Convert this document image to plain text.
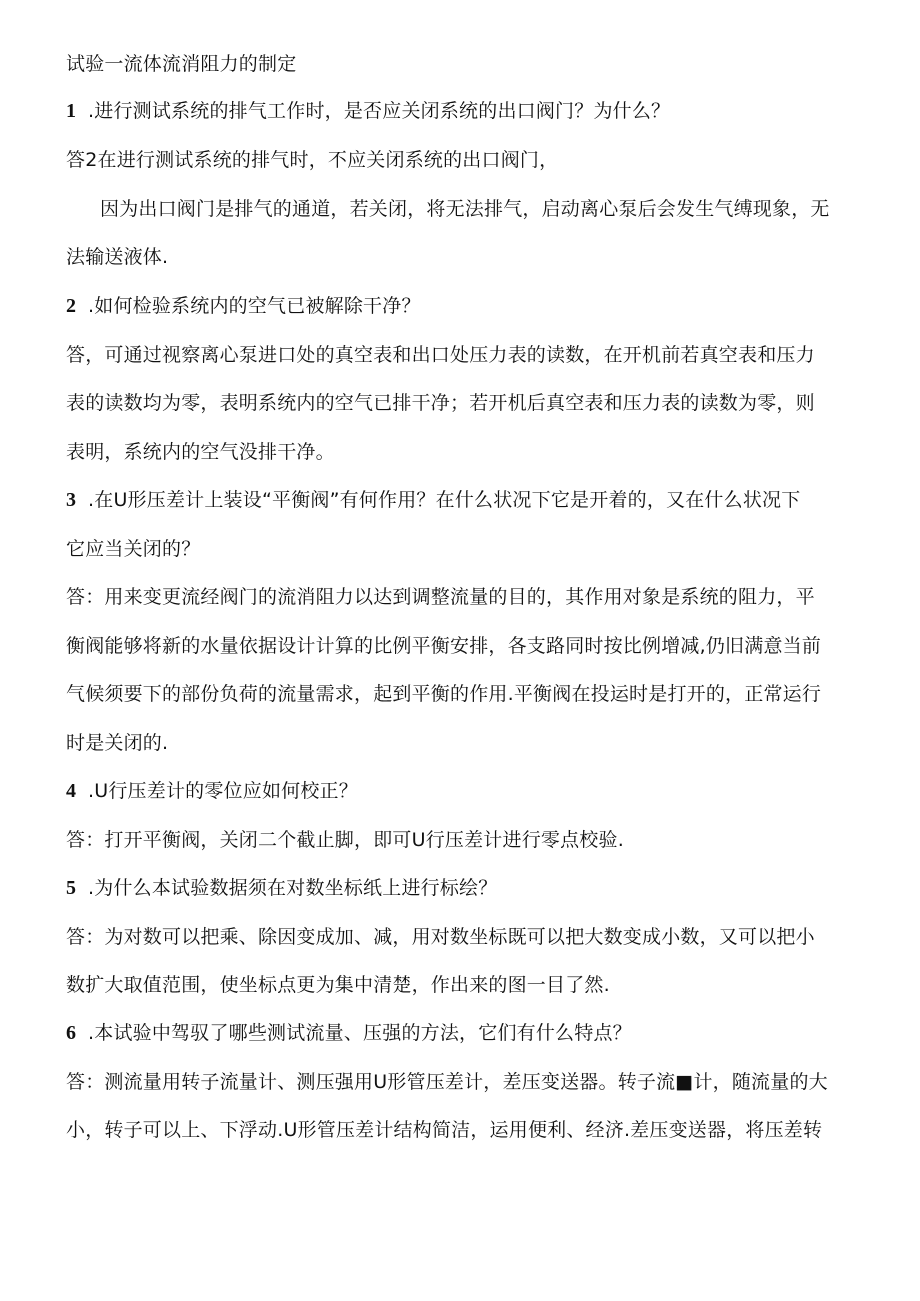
试验一流体流消阻力的制定
1 .进行测试系统的排气工作时，是否应关闭系统的出口阀门？为什么？
答2在进行测试系统的排气时，不应关闭系统的出口阀门，
因为出口阀门是排气的通道，若关闭，将无法排气，启动离心泵后会发生气缚现象，无
法输送液体.
2 .如何检验系统内的空气已被解除干净？
答，可通过视察离心泵进口处的真空表和出口处压力表的读数，在开机前若真空表和压力
表的读数均为零，表明系统内的空气已排干净；若开机后真空表和压力表的读数为零，则
表明，系统内的空气没排干净。
3 .在U形压差计上装设“平衡阀”有何作用？在什么状况下它是开着的，又在什么状况下
它应当关闭的？
答：用来变更流经阀门的流消阻力以达到调整流量的目的，其作用对象是系统的阻力，平
衡阀能够将新的水量依据设计计算的比例平衡安排，各支路同时按比例增减,仍旧满意当前
气候须要下的部份负荷的流量需求，起到平衡的作用.平衡阀在投运时是打开的，正常运行
时是关闭的.
4 .U行压差计的零位应如何校正？
答：打开平衡阀，关闭二个截止脚，即可U行压差计进行零点校验.
5 .为什么本试验数据须在对数坐标纸上进行标绘？
答：为对数可以把乘、除因变成加、减，用对数坐标既可以把大数变成小数，又可以把小
数扩大取值范围，使坐标点更为集中清楚，作出来的图一目了然.
6 .本试验中驾驭了哪些测试流量、压强的方法，它们有什么特点？
答：测流量用转子流量计、测压强用U形管压差计，差压变送器。转子流■计，随流量的大
小，转子可以上、下浮动.U形管压差计结构简洁，运用便利、经济.差压变送器，将压差转
